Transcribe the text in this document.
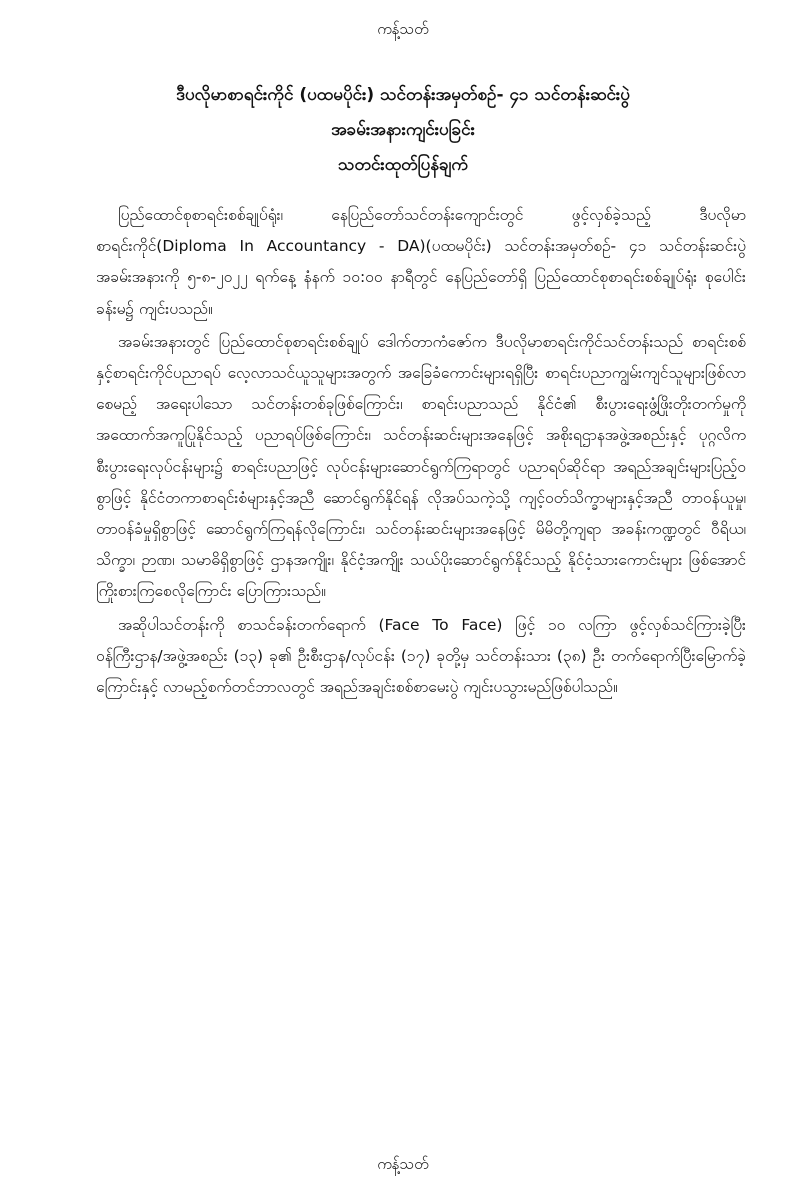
ကန့်သတ်

ဒီပလိုမာစာရင်းကိုင် (ပထမပိုင်း) သင်တန်းအမှတ်စဉ်- ၄၁ သင်တန်းဆင်းပွဲ

အခမ်းအနားကျင်းပခြင်း

သတင်းထုတ်ပြန်ချက်

ပြည်ထောင်စုစာရင်းစစ်ချုပ်ရုံး၊ နေပြည်တော်သင်တန်းကျောင်းတွင် ဖွင့်လှစ်ခဲ့သည့် ဒီပလိုမာစာရင်းကိုင်(Diploma In Accountancy - DA)(ပထမပိုင်း) သင်တန်းအမှတ်စဉ်- ၄၁ သင်တန်းဆင်းပွဲအခမ်းအနားကို ၅-၈-၂၀၂၂ ရက်နေ့ နံနက် ၁၀:၀၀ နာရီတွင် နေပြည်တော်ရှိ ပြည်ထောင်စုစာရင်းစစ်ချုပ်ရုံး စုပေါင်းခန်းမ၌ ကျင်းပသည်။

အခမ်းအနားတွင် ပြည်ထောင်စုစာရင်းစစ်ချုပ် ဒေါက်တာကံဇော်က ဒီပလိုမာစာရင်းကိုင်သင်တန်းသည် စာရင်းစစ်နှင့်စာရင်းကိုင်ပညာရပ် လေ့လာသင်ယူသူများအတွက် အခြေခံကောင်းများရရှိပြီး စာရင်းပညာကျွမ်းကျင်သူများဖြစ်လာစေမည့် အရေးပါသော သင်တန်းတစ်ခုဖြစ်ကြောင်း၊ စာရင်းပညာသည် နိုင်ငံ၏ စီးပွားရေးဖွံ့ဖြိုးတိုးတက်မှုကို အထောက်အကူပြုနိုင်သည့် ပညာရပ်ဖြစ်ကြောင်း၊ သင်တန်းဆင်းများအနေဖြင့် အစိုးရဌာနအဖွဲ့အစည်းနှင့် ပုဂ္ဂလိက စီးပွားရေးလုပ်ငန်းများ၌ စာရင်းပညာဖြင့် လုပ်ငန်းများဆောင်ရွက်ကြရာတွင် ပညာရပ်ဆိုင်ရာ အရည်အချင်းများပြည့်ဝစွာဖြင့် နိုင်ငံတကာစာရင်းစံများနှင့်အညီ ဆောင်ရွက်နိုင်ရန် လိုအပ်သကဲ့သို့ ကျင့်ဝတ်သိက္ခာများနှင့်အညီ တာဝန်ယူမှု၊ တာဝန်ခံမှုရှိစွာဖြင့် ဆောင်ရွက်ကြရန်လိုကြောင်း၊ သင်တန်းဆင်းများအနေဖြင့် မိမိတို့ကျရာ အခန်းကဏ္ဍတွင် ဝီရိယ၊ သိက္ခာ၊ ဉာဏ၊ သမာဓိရှိစွာဖြင့် ဌာနအကျိုး၊ နိုင်ငံ့အကျိုး သယ်ပိုးဆောင်ရွက်နိုင်သည့် နိုင်ငံ့သားကောင်းများ ဖြစ်အောင် ကြိုးစားကြစေလိုကြောင်း ပြောကြားသည်။

အဆိုပါသင်တန်းကို စာသင်ခန်းတက်ရောက် (Face To Face) ဖြင့် ၁၀ လကြာ ဖွင့်လှစ်သင်ကြားခဲ့ပြီး ဝန်ကြီးဌာန/အဖွဲ့အစည်း (၁၃) ခု၏ ဦးစီးဌာန/လုပ်ငန်း (၁၇) ခုတို့မှ သင်တန်းသား (၃၈) ဦး တက်ရောက်ပြီးမြောက်ခဲ့ကြောင်းနှင့် လာမည့်စက်တင်ဘာလတွင် အရည်အချင်းစစ်စာမေးပွဲ ကျင်းပသွားမည်ဖြစ်ပါသည်။

ကန့်သတ်
